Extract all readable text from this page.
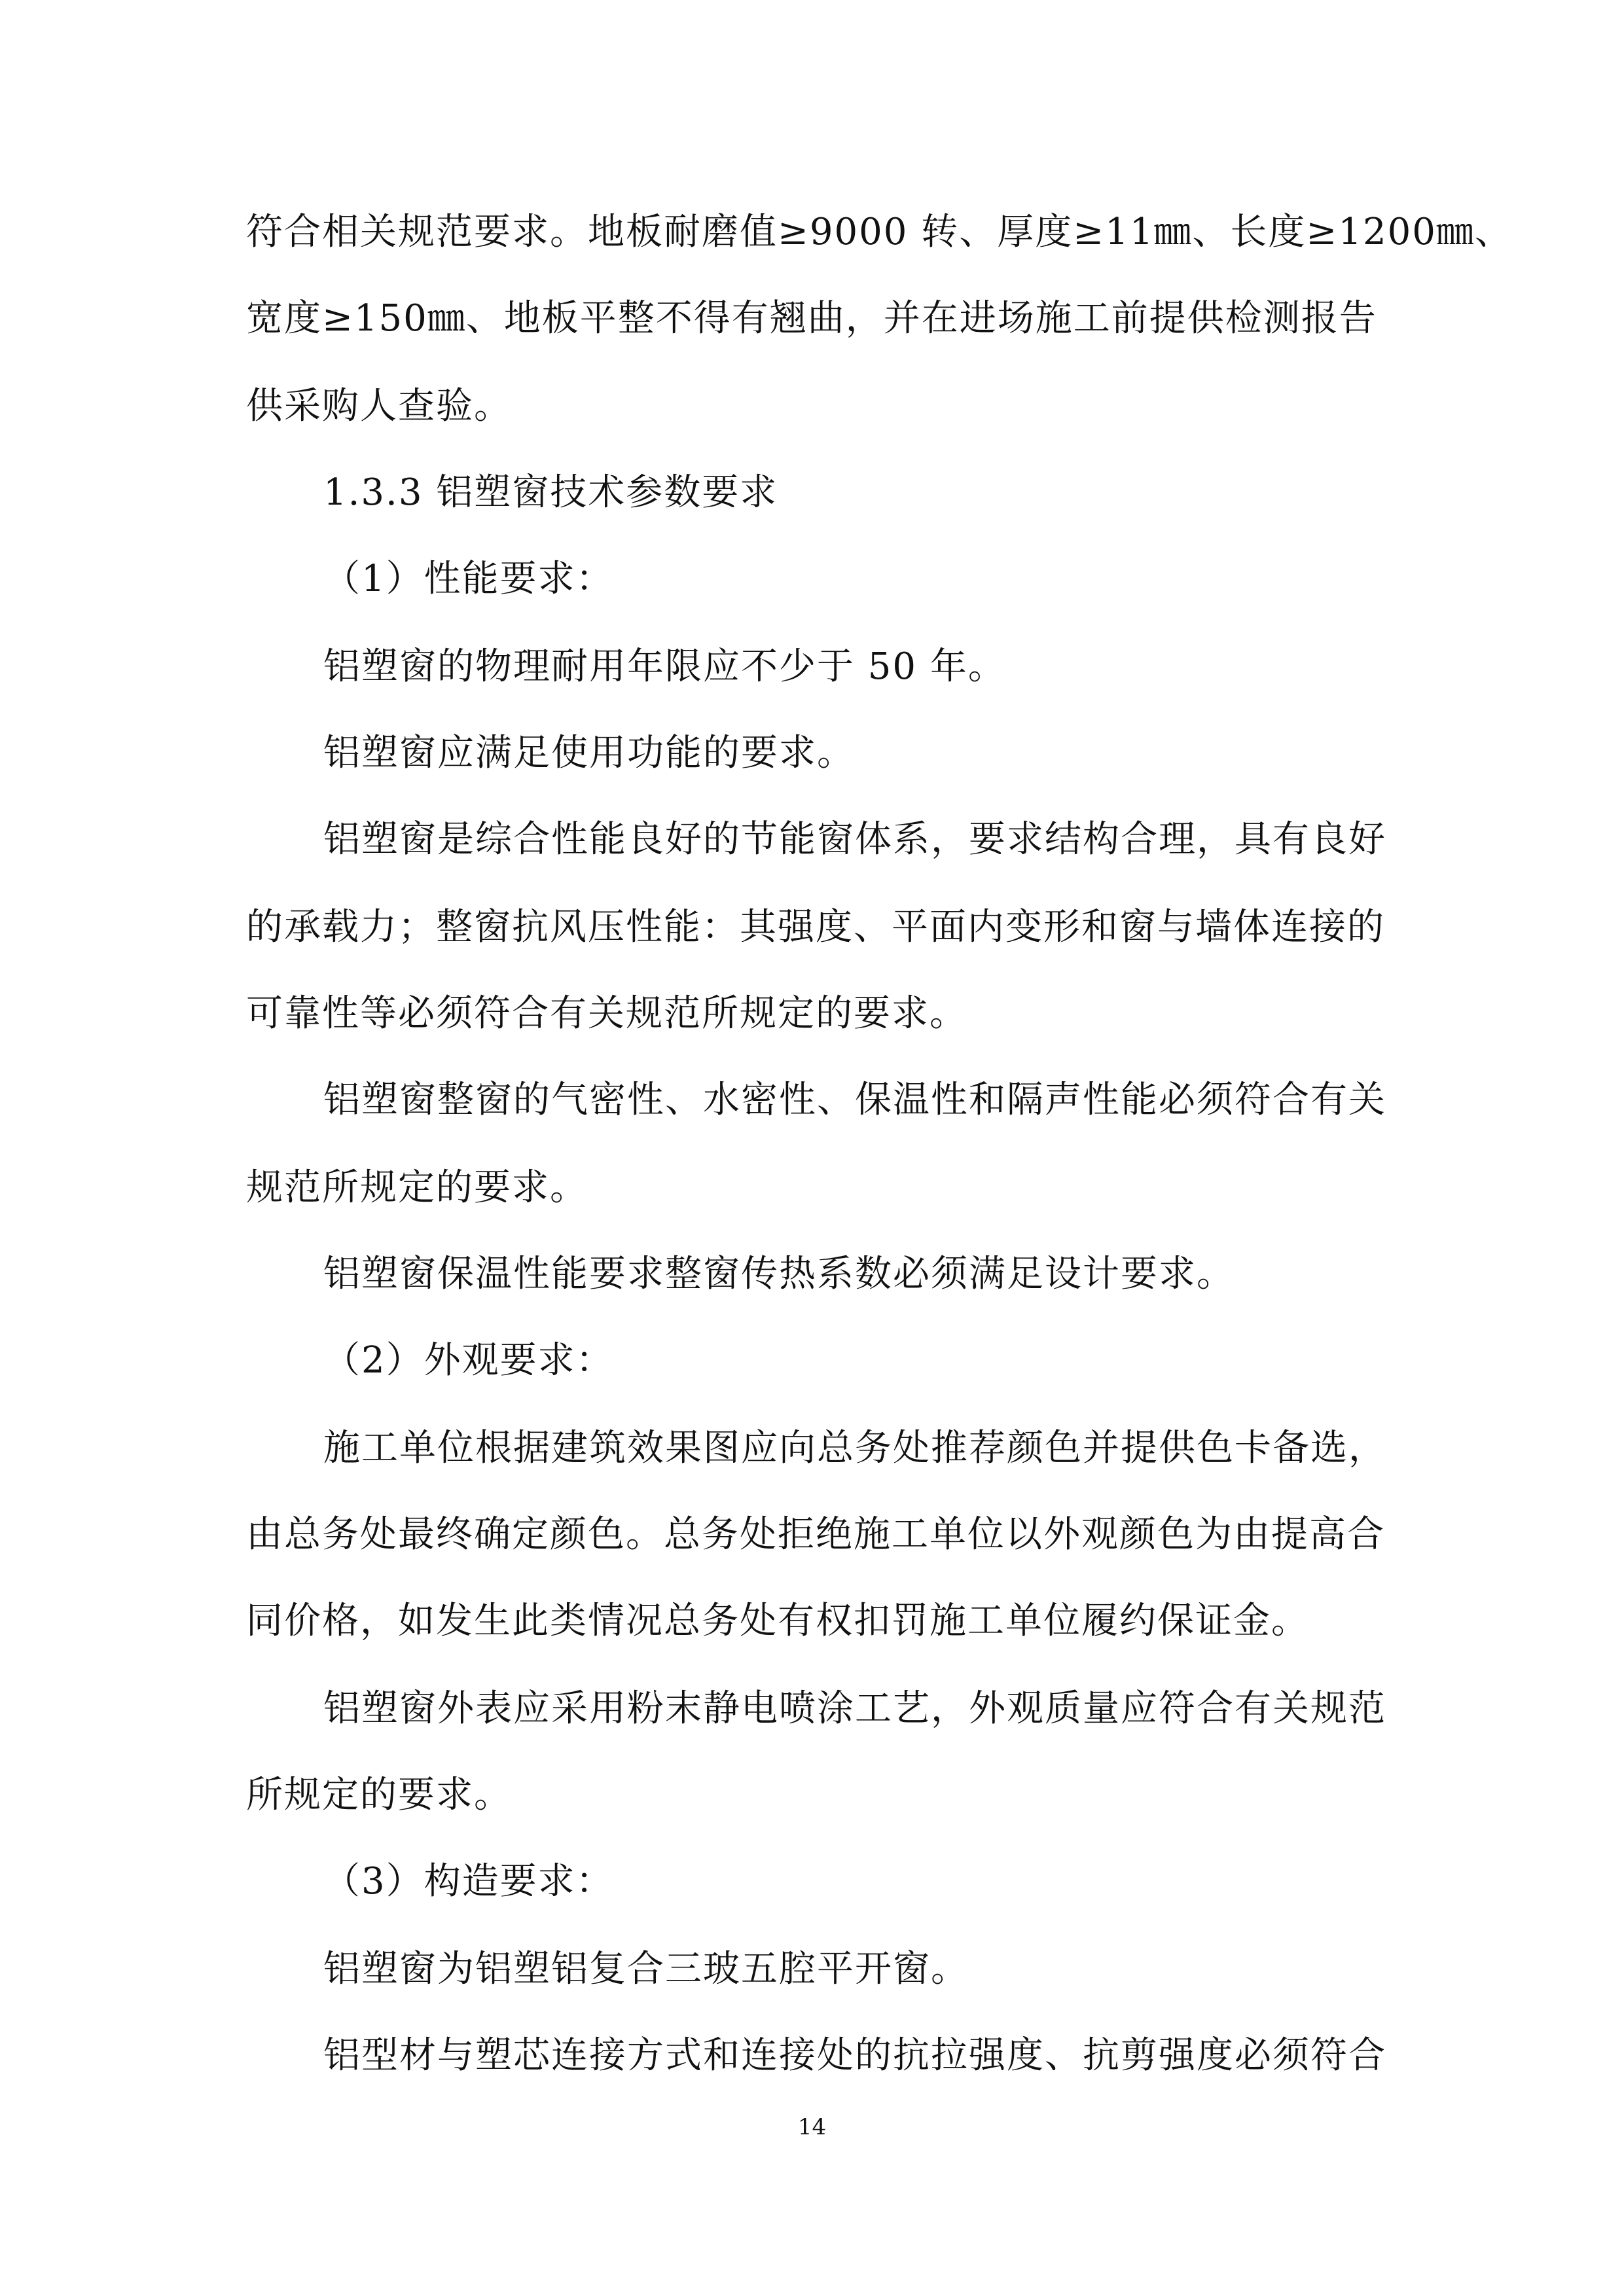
符合相关规范要求。地板耐磨值≥9000 转、厚度≥11㎜、长度≥1200㎜、
宽度≥150㎜、地板平整不得有翘曲，并在进场施工前提供检测报告
供采购人查验。
1.3.3 铝塑窗技术参数要求
（1）性能要求：
铝塑窗的物理耐用年限应不少于 50 年。
铝塑窗应满足使用功能的要求。
铝塑窗是综合性能良好的节能窗体系，要求结构合理，具有良好
的承载力；整窗抗风压性能：其强度、平面内变形和窗与墙体连接的
可靠性等必须符合有关规范所规定的要求。
铝塑窗整窗的气密性、水密性、保温性和隔声性能必须符合有关
规范所规定的要求。
铝塑窗保温性能要求整窗传热系数必须满足设计要求。
（2）外观要求：
施工单位根据建筑效果图应向总务处推荐颜色并提供色卡备选，
由总务处最终确定颜色。总务处拒绝施工单位以外观颜色为由提高合
同价格，如发生此类情况总务处有权扣罚施工单位履约保证金。
铝塑窗外表应采用粉末静电喷涂工艺，外观质量应符合有关规范
所规定的要求。
（3）构造要求：
铝塑窗为铝塑铝复合三玻五腔平开窗。
铝型材与塑芯连接方式和连接处的抗拉强度、抗剪强度必须符合
14
